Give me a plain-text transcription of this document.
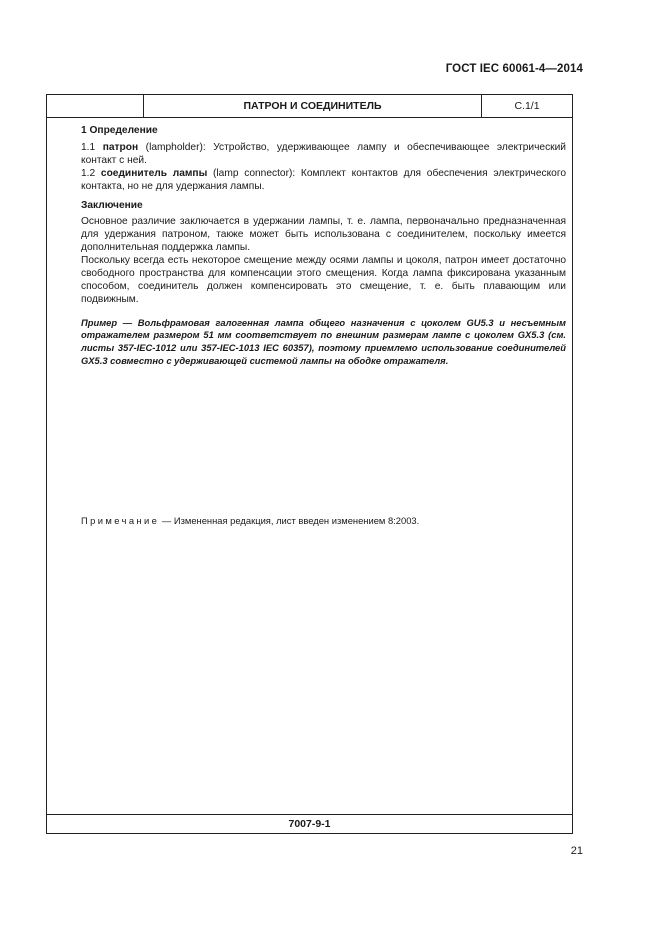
ГОСТ IEC 60061-4—2014
ПАТРОН И СОЕДИНИТЕЛЬ	С.1/1

1 Определение

1.1 патрон (lampholder): Устройство, удерживающее лампу и обеспечивающее электрический контакт с ней.

1.2 соединитель лампы (lamp connector): Комплект контактов для обеспечения электрического контакта, но не для удержания лампы.

Заключение

Основное различие заключается в удержании лампы, т. е. лампа, первоначально предназначенная для удержания патроном, также может быть использована с соединителем, поскольку имеется дополнительная поддержка лампы.

Поскольку всегда есть некоторое смещение между осями лампы и цоколя, патрон имеет достаточно свободного пространства для компенсации этого смещения. Когда лампа фиксирована указанным способом, соединитель должен компенсировать это смещение, т. е. быть плавающим или подвижным.

Пример — Вольфрамовая галогенная лампа общего назначения с цоколем GU5.3 и несъемным отражателем размером 51 мм соответствует по внешним размерам лампе с цоколем GX5.3 (см. листы 357-IEC-1012 или 357-IEC-1013 IEC 60357), поэтому приемлемо использование соединителей GX5.3 совместно с удерживающей системой лампы на ободке отражателя.

Примечание — Измененная редакция, лист введен изменением 8:2003.
7007-9-1
21
